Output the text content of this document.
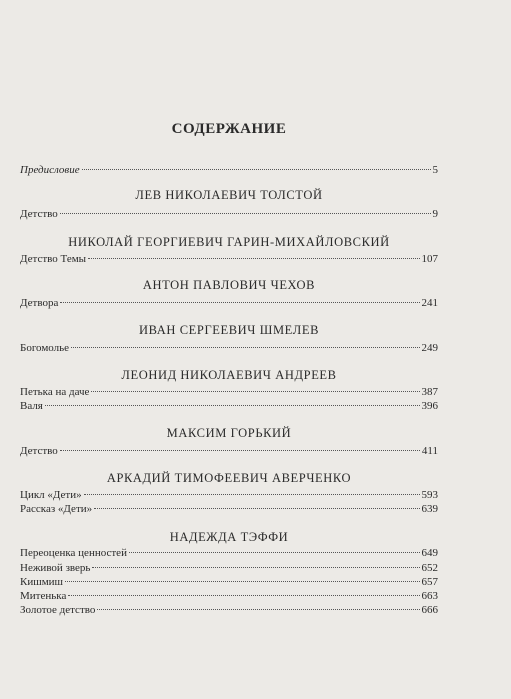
СОДЕРЖАНИЕ
Предисловие	5
ЛЕВ НИКОЛАЕВИЧ ТОЛСТОЙ
Детство	9
НИКОЛАЙ ГЕОРГИЕВИЧ ГАРИН-МИХАЙЛОВСКИЙ
Детство Темы	107
АНТОН ПАВЛОВИЧ ЧЕХОВ
Детвора	241
ИВАН СЕРГЕЕВИЧ ШМЕЛЕВ
Богомолье	249
ЛЕОНИД НИКОЛАЕВИЧ АНДРЕЕВ
Петька на даче	387
Валя	396
МАКСИМ ГОРЬКИЙ
Детство	411
АРКАДИЙ ТИМОФЕЕВИЧ АВЕРЧЕНКО
Цикл «Дети»	593
Рассказ «Дети»	639
НАДЕЖДА ТЭФФИ
Переоценка ценностей	649
Неживой зверь	652
Кишмиш	657
Митенька	663
Золотое детство	666
